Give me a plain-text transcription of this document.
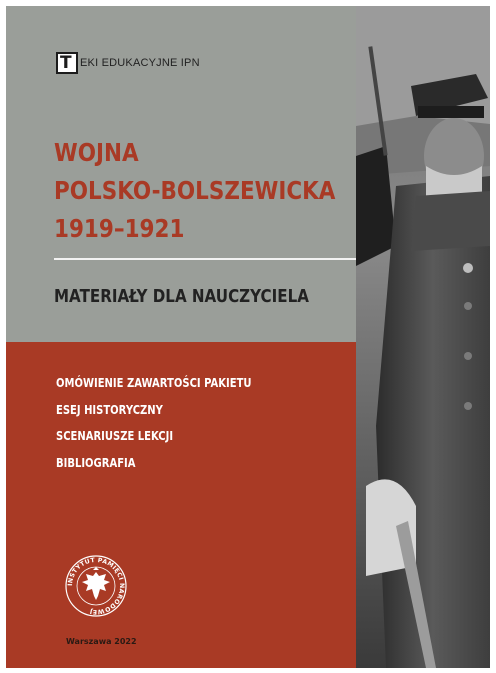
T EKI EDUKACYJNE IPN
WOJNA
POLSKO-BOLSZEWICKA
1919–1921
MATERIAŁY DLA NAUCZYCIELA
OMÓWIENIE ZAWARTOŚCI PAKIETU
ESEJ HISTORYCZNY
SCENARIUSZE LEKCJI
BIBLIOGRAFIA
INSTYTUT PAMIĘCI NARODOWEJ
Warszawa 2022
